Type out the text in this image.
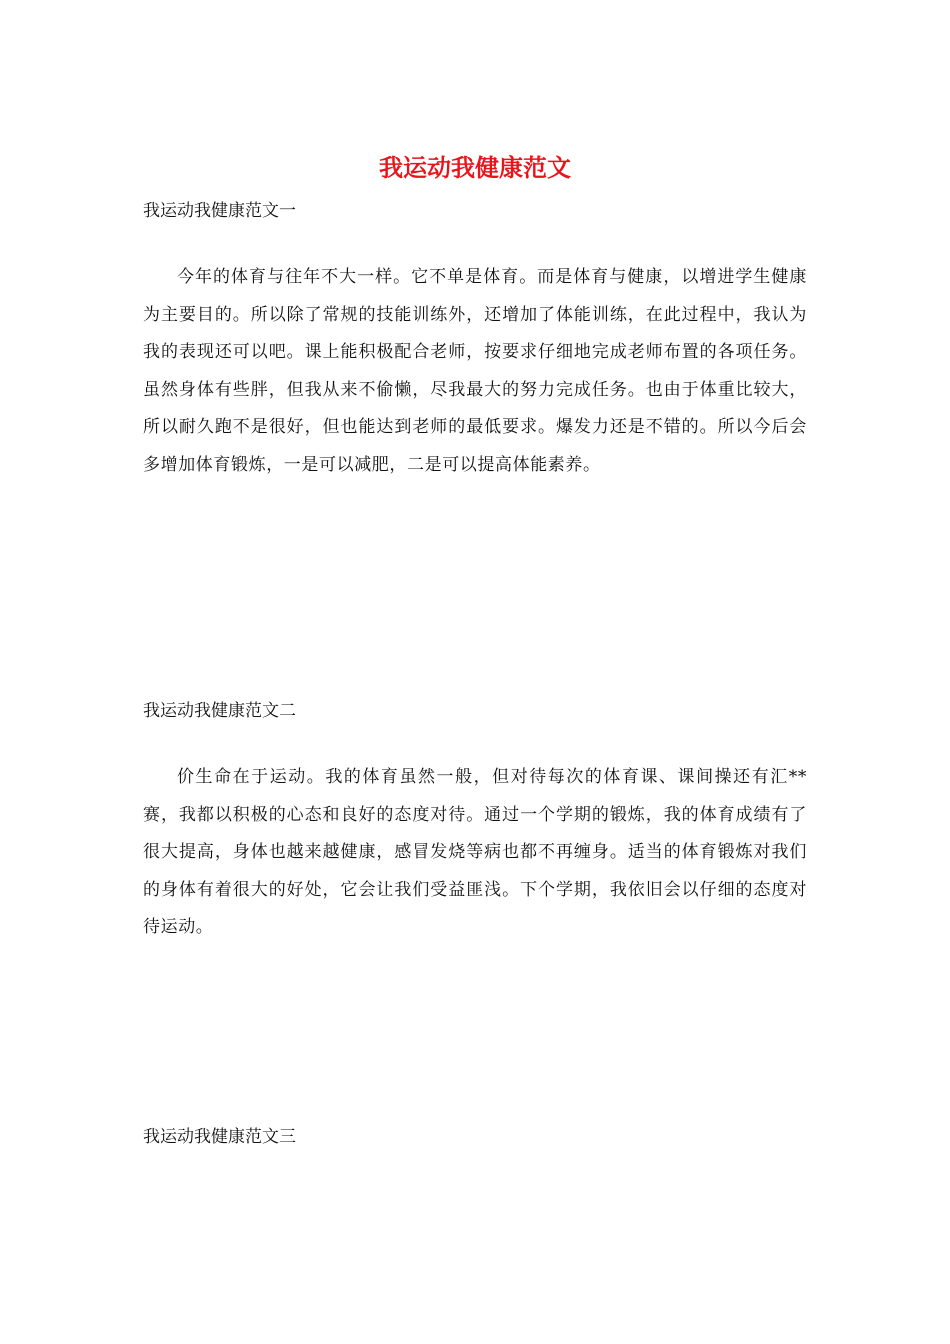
我运动我健康范文

我运动我健康范文一

今年的体育与往年不大一样。它不单是体育。而是体育与健康，以增进学生健康为主要目的。所以除了常规的技能训练外，还增加了体能训练，在此过程中，我认为我的表现还可以吧。课上能积极配合老师，按要求仔细地完成老师布置的各项任务。虽然身体有些胖，但我从来不偷懒，尽我最大的努力完成任务。也由于体重比较大，所以耐久跑不是很好，但也能达到老师的最低要求。爆发力还是不错的。所以今后会多增加体育锻炼，一是可以减肥，二是可以提高体能素养。

我运动我健康范文二

价生命在于运动。我的体育虽然一般，但对待每次的体育课、课间操还有汇**赛，我都以积极的心态和良好的态度对待。通过一个学期的锻炼，我的体育成绩有了很大提高，身体也越来越健康，感冒发烧等病也都不再缠身。适当的体育锻炼对我们的身体有着很大的好处，它会让我们受益匪浅。下个学期，我依旧会以仔细的态度对待运动。

我运动我健康范文三
